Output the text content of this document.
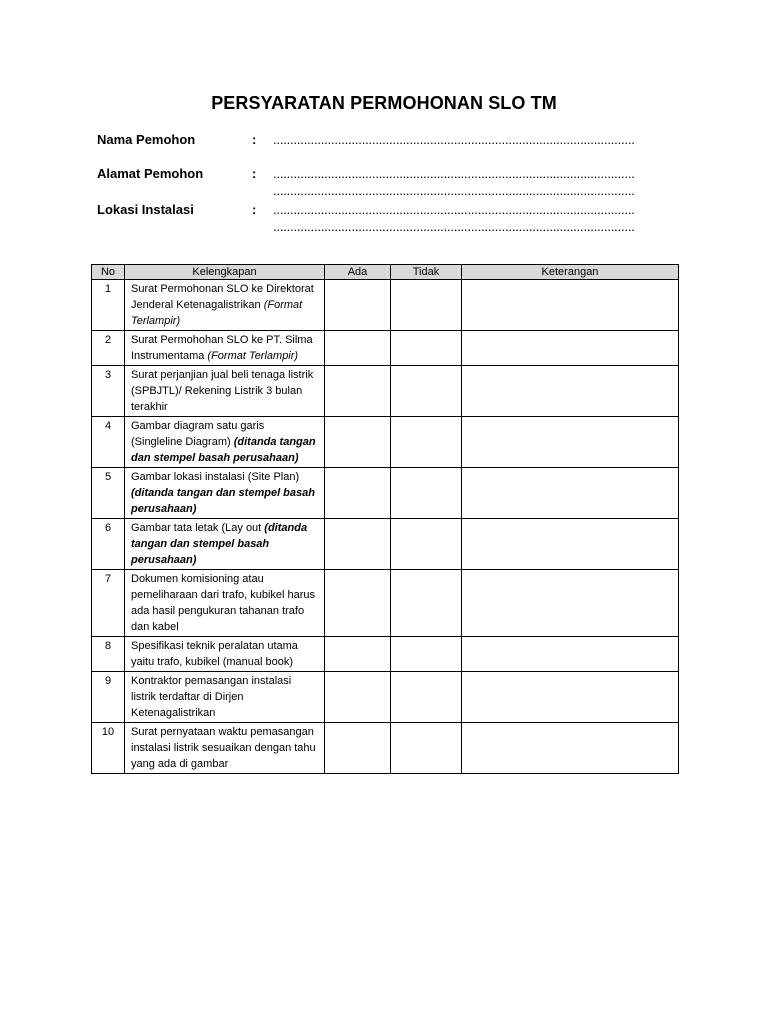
PERSYARATAN PERMOHONAN SLO TM
Nama Pemohon	: ..........................................................................................................
Alamat Pemohon	: ..........................................................................................................
..........................................................................................................
Lokasi Instalasi	: ..........................................................................................................
..........................................................................................................
No	Kelengkapan	Ada	Tidak	Keterangan
1	Surat Permohonan SLO ke Direktorat Jenderal Ketenagalistrikan (Format Terlampir)			
2	Surat Permohohan SLO ke PT. Silma Instrumentama (Format Terlampir)			
3	Surat perjanjian jual beli tenaga listrik (SPBJTL)/ Rekening Listrik 3 bulan terakhir			
4	Gambar diagram satu garis (Singleline Diagram) (ditanda tangan dan stempel basah perusahaan)			
5	Gambar lokasi instalasi (Site Plan) (ditanda tangan dan stempel basah perusahaan)			
6	Gambar tata letak (Lay out (ditanda tangan dan stempel basah perusahaan)			
7	Dokumen komisioning atau pemeliharaan dari trafo, kubikel harus ada hasil pengukuran tahanan trafo dan kabel			
8	Spesifikasi teknik peralatan utama yaitu trafo, kubikel (manual book)			
9	Kontraktor pemasangan instalasi listrik terdaftar di Dirjen Ketenagalistrikan			
10	Surat pernyataan waktu pemasangan instalasi listrik sesuaikan dengan tahu yang ada di gambar			
